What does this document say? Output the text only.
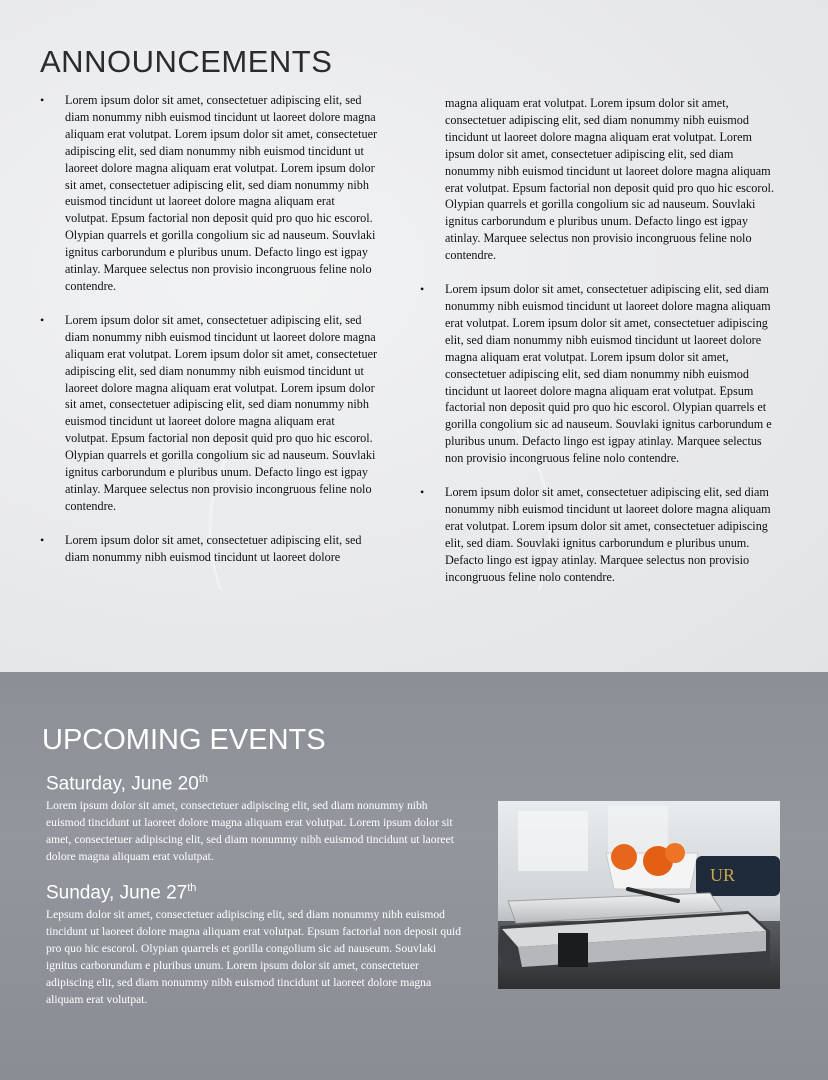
ANNOUNCEMENTS
• Lorem ipsum dolor sit amet, consectetuer adipiscing elit, sed diam nonummy nibh euismod tincidunt ut laoreet dolore magna aliquam erat volutpat. Lorem ipsum dolor sit amet, consectetuer adipiscing elit, sed diam nonummy nibh euismod tincidunt ut laoreet dolore magna aliquam erat volutpat. Lorem ipsum dolor sit amet, consectetuer adipiscing elit, sed diam nonummy nibh euismod tincidunt ut laoreet dolore magna aliquam erat volutpat. Epsum factorial non deposit quid pro quo hic escorol. Olypian quarrels et gorilla congolium sic ad nauseum. Souvlaki ignitus carborundum e pluribus unum. Defacto lingo est igpay atinlay. Marquee selectus non provisio incongruous feline nolo contendre.
• Lorem ipsum dolor sit amet, consectetuer adipiscing elit, sed diam nonummy nibh euismod tincidunt ut laoreet dolore magna aliquam erat volutpat. Lorem ipsum dolor sit amet, consectetuer adipiscing elit, sed diam nonummy nibh euismod tincidunt ut laoreet dolore magna aliquam erat volutpat. Lorem ipsum dolor sit amet, consectetuer adipiscing elit, sed diam nonummy nibh euismod tincidunt ut laoreet dolore magna aliquam erat volutpat. Epsum factorial non deposit quid pro quo hic escorol. Olypian quarrels et gorilla congolium sic ad nauseum. Souvlaki ignitus carborundum e pluribus unum. Defacto lingo est igpay atinlay. Marquee selectus non provisio incongruous feline nolo contendre.
• Lorem ipsum dolor sit amet, consectetuer adipiscing elit, sed diam nonummy nibh euismod tincidunt ut laoreet dolore
magna aliquam erat volutpat. Lorem ipsum dolor sit amet, consectetuer adipiscing elit, sed diam nonummy nibh euismod tincidunt ut laoreet dolore magna aliquam erat volutpat. Lorem ipsum dolor sit amet, consectetuer adipiscing elit, sed diam nonummy nibh euismod tincidunt ut laoreet dolore magna aliquam erat volutpat. Epsum factorial non deposit quid pro quo hic escorol. Olypian quarrels et gorilla congolium sic ad nauseum. Souvlaki ignitus carborundum e pluribus unum. Defacto lingo est igpay atinlay. Marquee selectus non provisio incongruous feline nolo contendre.
• Lorem ipsum dolor sit amet, consectetuer adipiscing elit, sed diam nonummy nibh euismod tincidunt ut laoreet dolore magna aliquam erat volutpat. Lorem ipsum dolor sit amet, consectetuer adipiscing elit, sed diam nonummy nibh euismod tincidunt ut laoreet dolore magna aliquam erat volutpat. Lorem ipsum dolor sit amet, consectetuer adipiscing elit, sed diam nonummy nibh euismod tincidunt ut laoreet dolore magna aliquam erat volutpat. Epsum factorial non deposit quid pro quo hic escorol. Olypian quarrels et gorilla congolium sic ad nauseum. Souvlaki ignitus carborundum e pluribus unum. Defacto lingo est igpay atinlay. Marquee selectus non provisio incongruous feline nolo contendre.
• Lorem ipsum dolor sit amet, consectetuer adipiscing elit, sed diam nonummy nibh euismod tincidunt ut laoreet dolore magna aliquam erat volutpat. Lorem ipsum dolor sit amet, consectetuer adipiscing elit, sed diam. Souvlaki ignitus carborundum e pluribus unum. Defacto lingo est igpay atinlay. Marquee selectus non provisio incongruous feline nolo contendre.
UPCOMING EVENTS
Saturday, June 20th

Lorem ipsum dolor sit amet, consectetuer adipiscing elit, sed diam nonummy nibh euismod tincidunt ut laoreet dolore magna aliquam erat volutpat. Lorem ipsum dolor sit amet, consectetuer adipiscing elit, sed diam nonummy nibh euismod tincidunt ut laoreet dolore magna aliquam erat volutpat.

Sunday, June 27th

Lepsum dolor sit amet, consectetuer adipiscing elit, sed diam nonummy nibh euismod tincidunt ut laoreet dolore magna aliquam erat volutpat. Epsum factorial non deposit quid pro quo hic escorol. Olypian quarrels et gorilla congolium sic ad nauseum. Souvlaki ignitus carborundum e pluribus unum. Lorem ipsum dolor sit amet, consectetuer adipiscing elit, sed diam nonummy nibh euismod tincidunt ut laoreet dolore magna aliquam erat volutpat.

UR
